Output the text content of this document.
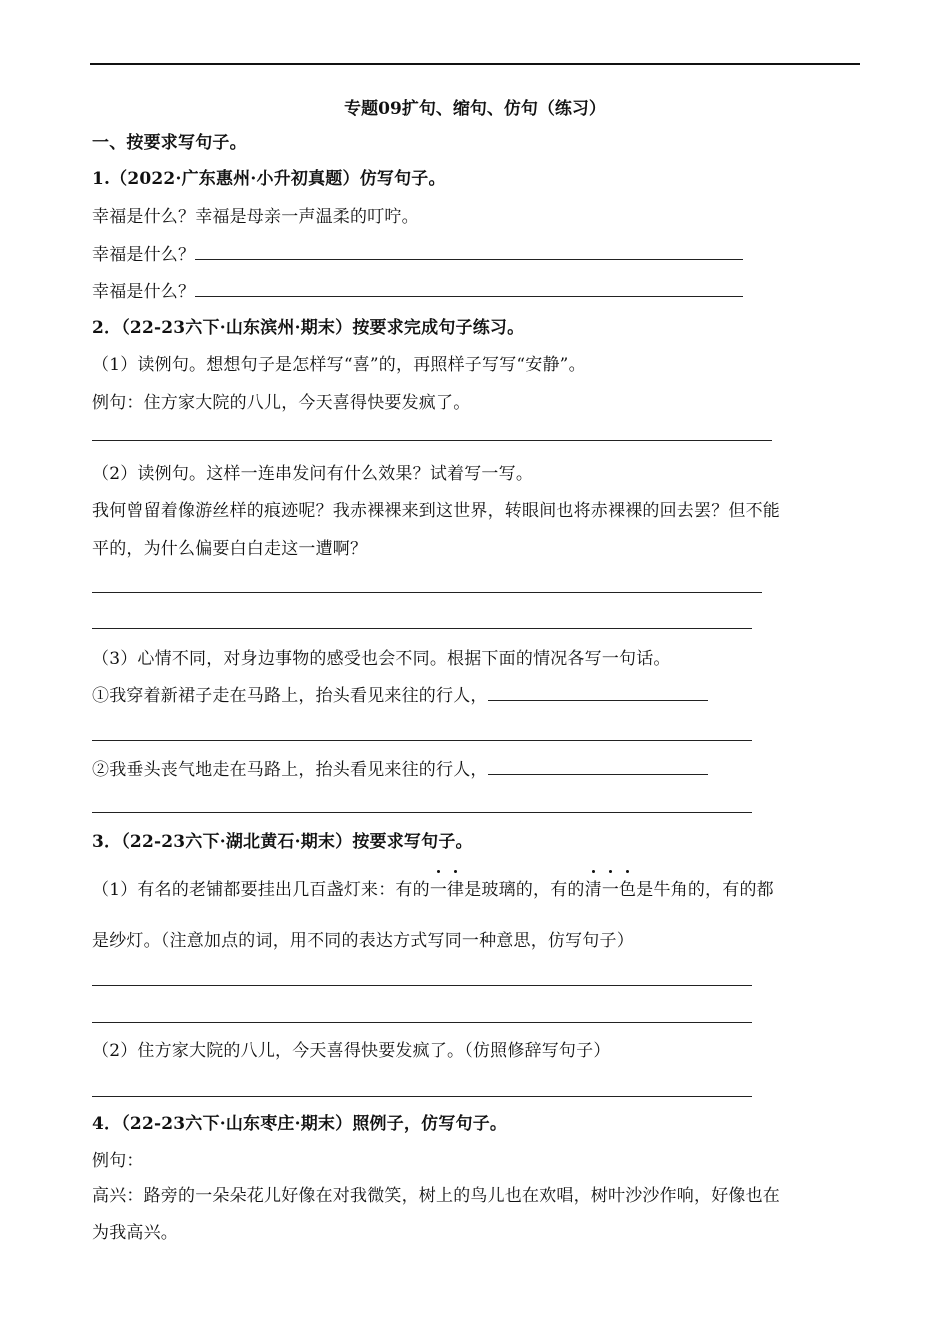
专题09扩句、缩句、仿句（练习）
一、按要求写句子。
1.（2022·广东惠州·小升初真题）仿写句子。
幸福是什么？幸福是母亲一声温柔的叮咛。
幸福是什么？
幸福是什么？
2．（22-23六下·山东滨州·期末）按要求完成句子练习。
（1）读例句。想想句子是怎样写“喜”的，再照样子写写“安静”。
例句：住方家大院的八儿，今天喜得快要发疯了。
（2）读例句。这样一连串发问有什么效果？试着写一写。
我何曾留着像游丝样的痕迹呢？我赤裸裸来到这世界，转眼间也将赤裸裸的回去罢？但不能
平的，为什么偏要白白走这一遭啊？
（3）心情不同，对身边事物的感受也会不同。根据下面的情况各写一句话。
①我穿着新裙子走在马路上，抬头看见来往的行人，
②我垂头丧气地走在马路上，抬头看见来往的行人，
3．（22-23六下·湖北黄石·期末）按要求写句子。
（1）有名的老铺都要挂出几百盏灯来：有的一律是玻璃的，有的清一色是牛角的，有的都
是纱灯。（注意加点的词，用不同的表达方式写同一种意思，仿写句子）
（2）住方家大院的八儿，今天喜得快要发疯了。（仿照修辞写句子）
4．（22-23六下·山东枣庄·期末）照例子，仿写句子。
例句：
高兴：路旁的一朵朵花儿好像在对我微笑，树上的鸟儿也在欢唱，树叶沙沙作响，好像也在
为我高兴。
